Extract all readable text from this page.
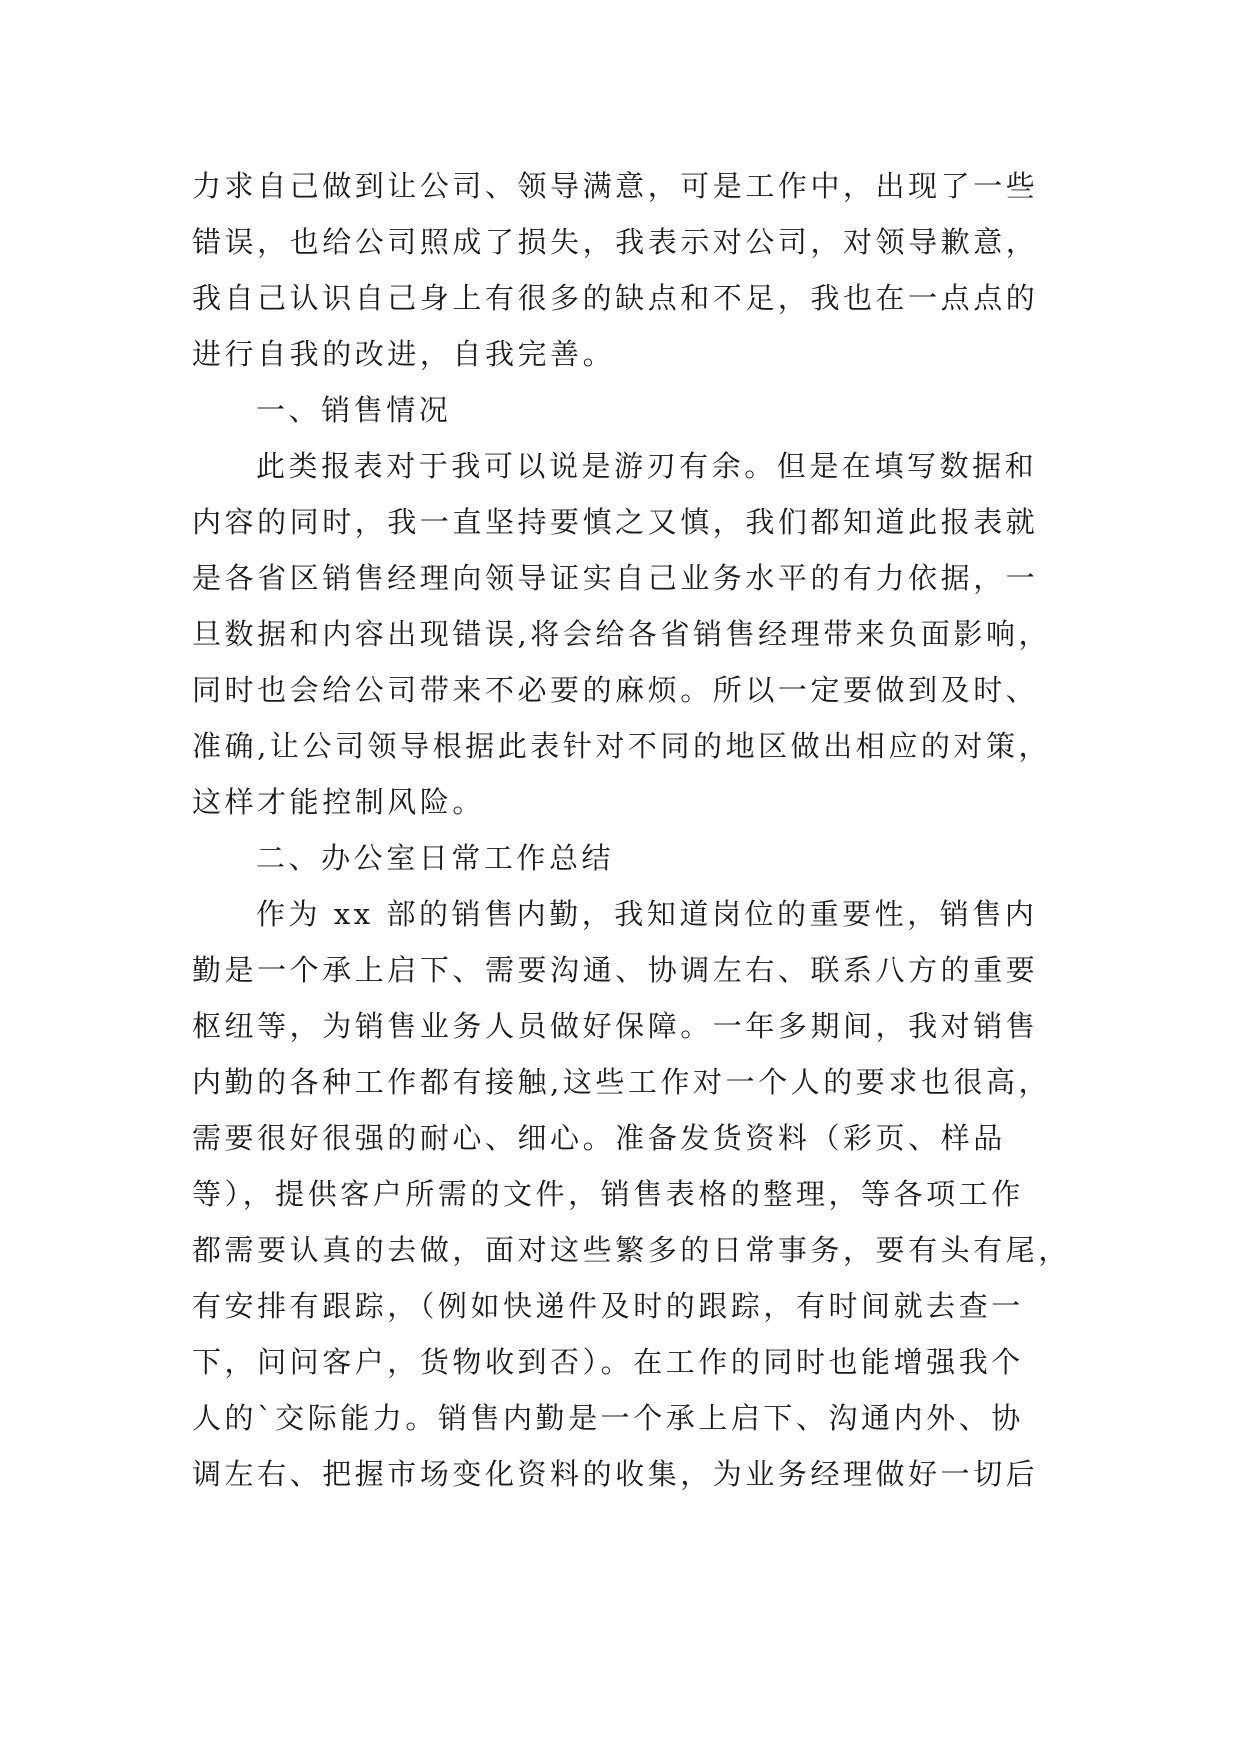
力求自己做到让公司、领导满意，可是工作中，出现了一些
错误，也给公司照成了损失，我表示对公司，对领导歉意，
我自己认识自己身上有很多的缺点和不足，我也在一点点的
进行自我的改进，自我完善。
一、销售情况
此类报表对于我可以说是游刃有余。但是在填写数据和
内容的同时，我一直坚持要慎之又慎，我们都知道此报表就
是各省区销售经理向领导证实自己业务水平的有力依据，一
旦数据和内容出现错误,将会给各省销售经理带来负面影响，
同时也会给公司带来不必要的麻烦。所以一定要做到及时、
准确,让公司领导根据此表针对不同的地区做出相应的对策，
这样才能控制风险。
二、办公室日常工作总结
作为 xx 部的销售内勤，我知道岗位的重要性，销售内
勤是一个承上启下、需要沟通、协调左右、联系八方的重要
枢纽等，为销售业务人员做好保障。一年多期间，我对销售
内勤的各种工作都有接触,这些工作对一个人的要求也很高，
需要很好很强的耐心、细心。准备发货资料（彩页、样品
等），提供客户所需的文件，销售表格的整理，等各项工作
都需要认真的去做，面对这些繁多的日常事务，要有头有尾，
有安排有跟踪，（例如快递件及时的跟踪，有时间就去查一
下，问问客户，货物收到否）。在工作的同时也能增强我个
人的`交际能力。销售内勤是一个承上启下、沟通内外、协
调左右、把握市场变化资料的收集，为业务经理做好一切后
